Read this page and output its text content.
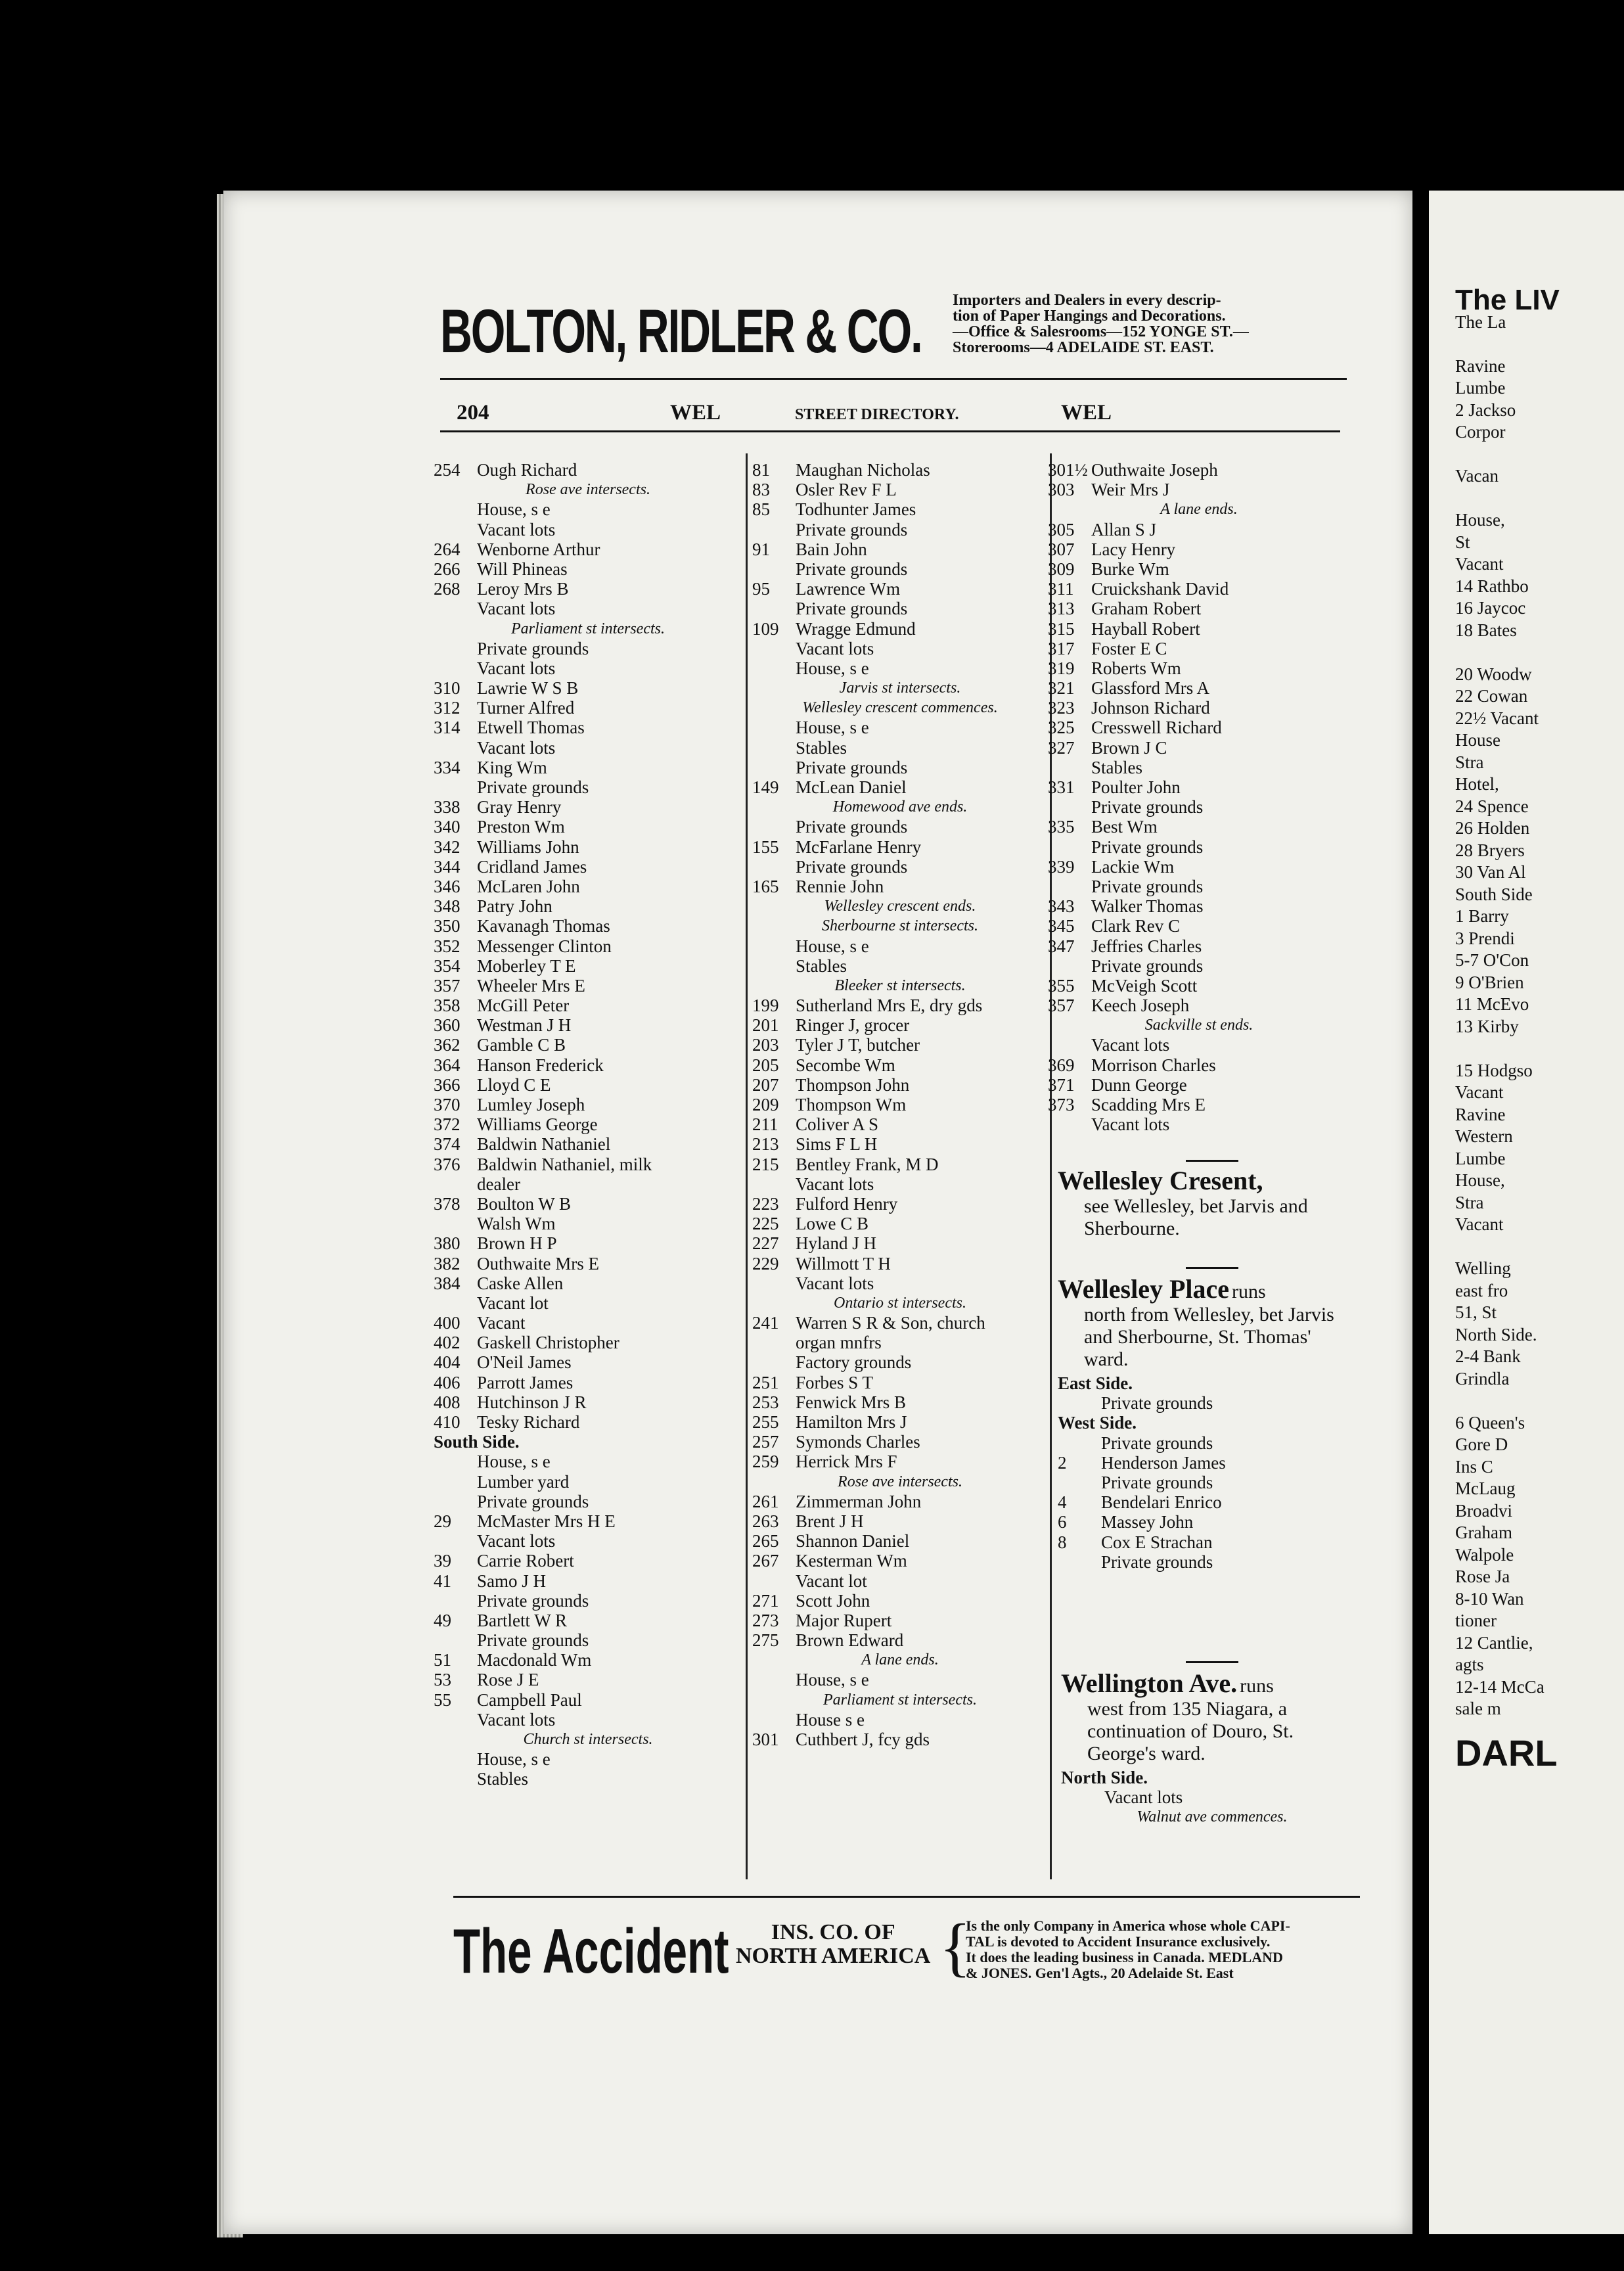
BOLTON, RIDLER & CO. Importers and Dealers in every descrip-
tion of Paper Hangings and Decorations.
—Office & Salesrooms—152 YONGE ST.—
Storerooms—4 ADELAIDE ST. EAST.
204	WEL	STREET DIRECTORY.	WEL
254 Ough Richard
Rose ave intersects.
House, s e
Vacant lots
264 Wenborne Arthur
266 Will Phineas
268 Leroy Mrs B
Vacant lots
Parliament st intersects.
Private grounds
Vacant lots
310 Lawrie W S B
312 Turner Alfred
314 Etwell Thomas
Vacant lots
334 King Wm
Private grounds
338 Gray Henry
340 Preston Wm
342 Williams John
344 Cridland James
346 McLaren John
348 Patry John
350 Kavanagh Thomas
352 Messenger Clinton
354 Moberley T E
357 Wheeler Mrs E
358 McGill Peter
360 Westman J H
362 Gamble C B
364 Hanson Frederick
366 Lloyd C E
370 Lumley Joseph
372 Williams George
374 Baldwin Nathaniel
376 Baldwin Nathaniel, milk
dealer
378 Boulton W B
Walsh Wm
380 Brown H P
382 Outhwaite Mrs E
384 Caske Allen
Vacant lot
400 Vacant
402 Gaskell Christopher
404 O'Neil James
406 Parrott James
408 Hutchinson J R
410 Tesky Richard
South Side.
House, s e
Lumber yard
Private grounds
29 McMaster Mrs H E
Vacant lots
39 Carrie Robert
41 Samo J H
Private grounds
49 Bartlett W R
Private grounds
51 Macdonald Wm
53 Rose J E
55 Campbell Paul
Vacant lots
Church st intersects.
House, s e
Stables
81 Maughan Nicholas
83 Osler Rev F L
85 Todhunter James
Private grounds
91 Bain John
Private grounds
95 Lawrence Wm
Private grounds
109 Wragge Edmund
Vacant lots
House, s e
Jarvis st intersects.
Wellesley crescent commences.
House, s e
Stables
Private grounds
149 McLean Daniel
Homewood ave ends.
Private grounds
155 McFarlane Henry
Private grounds
165 Rennie John
Wellesley crescent ends.
Sherbourne st intersects.
House, s e
Stables
Bleeker st intersects.
199 Sutherland Mrs E, dry gds
201 Ringer J, grocer
203 Tyler J T, butcher
205 Secombe Wm
207 Thompson John
209 Thompson Wm
211 Coliver A S
213 Sims F L H
215 Bentley Frank, M D
Vacant lots
223 Fulford Henry
225 Lowe C B
227 Hyland J H
229 Willmott T H
Vacant lots
Ontario st intersects.
241 Warren S R & Son, church
organ mnfrs
Factory grounds
251 Forbes S T
253 Fenwick Mrs B
255 Hamilton Mrs J
257 Symonds Charles
259 Herrick Mrs F
Rose ave intersects.
261 Zimmerman John
263 Brent J H
265 Shannon Daniel
267 Kesterman Wm
Vacant lot
271 Scott John
273 Major Rupert
275 Brown Edward
A lane ends.
House, s e
Parliament st intersects.
House s e
301 Cuthbert J, fcy gds
301½ Outhwaite Joseph
303 Weir Mrs J
A lane ends.
305 Allan S J
307 Lacy Henry
309 Burke Wm
311 Cruickshank David
313 Graham Robert
315 Hayball Robert
317 Foster E C
319 Roberts Wm
321 Glassford Mrs A
323 Johnson Richard
325 Cresswell Richard
327 Brown J C
Stables
331 Poulter John
Private grounds
335 Best Wm
Private grounds
339 Lackie Wm
Private grounds
343 Walker Thomas
345 Clark Rev C
347 Jeffries Charles
Private grounds
355 McVeigh Scott
357 Keech Joseph
Sackville st ends.
Vacant lots
369 Morrison Charles
371 Dunn George
373 Scadding Mrs E
Vacant lots
Wellesley Cresent,
see Wellesley, bet Jarvis and Sherbourne.
Wellesley Place runs
north from Wellesley, bet Jarvis and Sherbourne, St. Thomas' ward.
East Side.
Private grounds
West Side.
Private grounds
2 Henderson James
Private grounds
4 Bendelari Enrico
6 Massey John
8 Cox E Strachan
Private grounds
Wellington Ave. runs
west from 135 Niagara, a continuation of Douro, St. George's ward.
North Side.
Vacant lots
Walnut ave commences.
The Accident	INS. CO. OF
NORTH AMERICA {
Is the only Company in America whose whole CAPI-
TAL is devoted to Accident Insurance exclusively.
It does the leading business in Canada. MEDLAND
& JONES. Gen'l Agts., 20 Adelaide St. East
The LIV
The La
Ravine
Lumbe
2 Jackso
Corpor
Vacan
House,
St
Vacant
14 Rathbo
16 Jaycoc
18 Bates
20 Woodw
22 Cowan
22½ Vacant
House
Stra
Hotel,
24 Spence
26 Holden
28 Bryers
30 Van Al
South Side
1 Barry
3 Prendi
5-7 O'Con
9 O'Brien
11 McEvo
13 Kirby
15 Hodgso
Vacant
Ravine
Western
Lumbe
House,
Stra
Vacant
Welling
east fro
51, St
North Side.
2-4 Bank
Grindla
6 Queen's
Gore D
Ins C
McLaug
Broadvi
Graham
Walpole
Rose Ja
8-10 Wan
tioner
12 Cantlie,
agts
12-14 McCa
sale m
DARL
